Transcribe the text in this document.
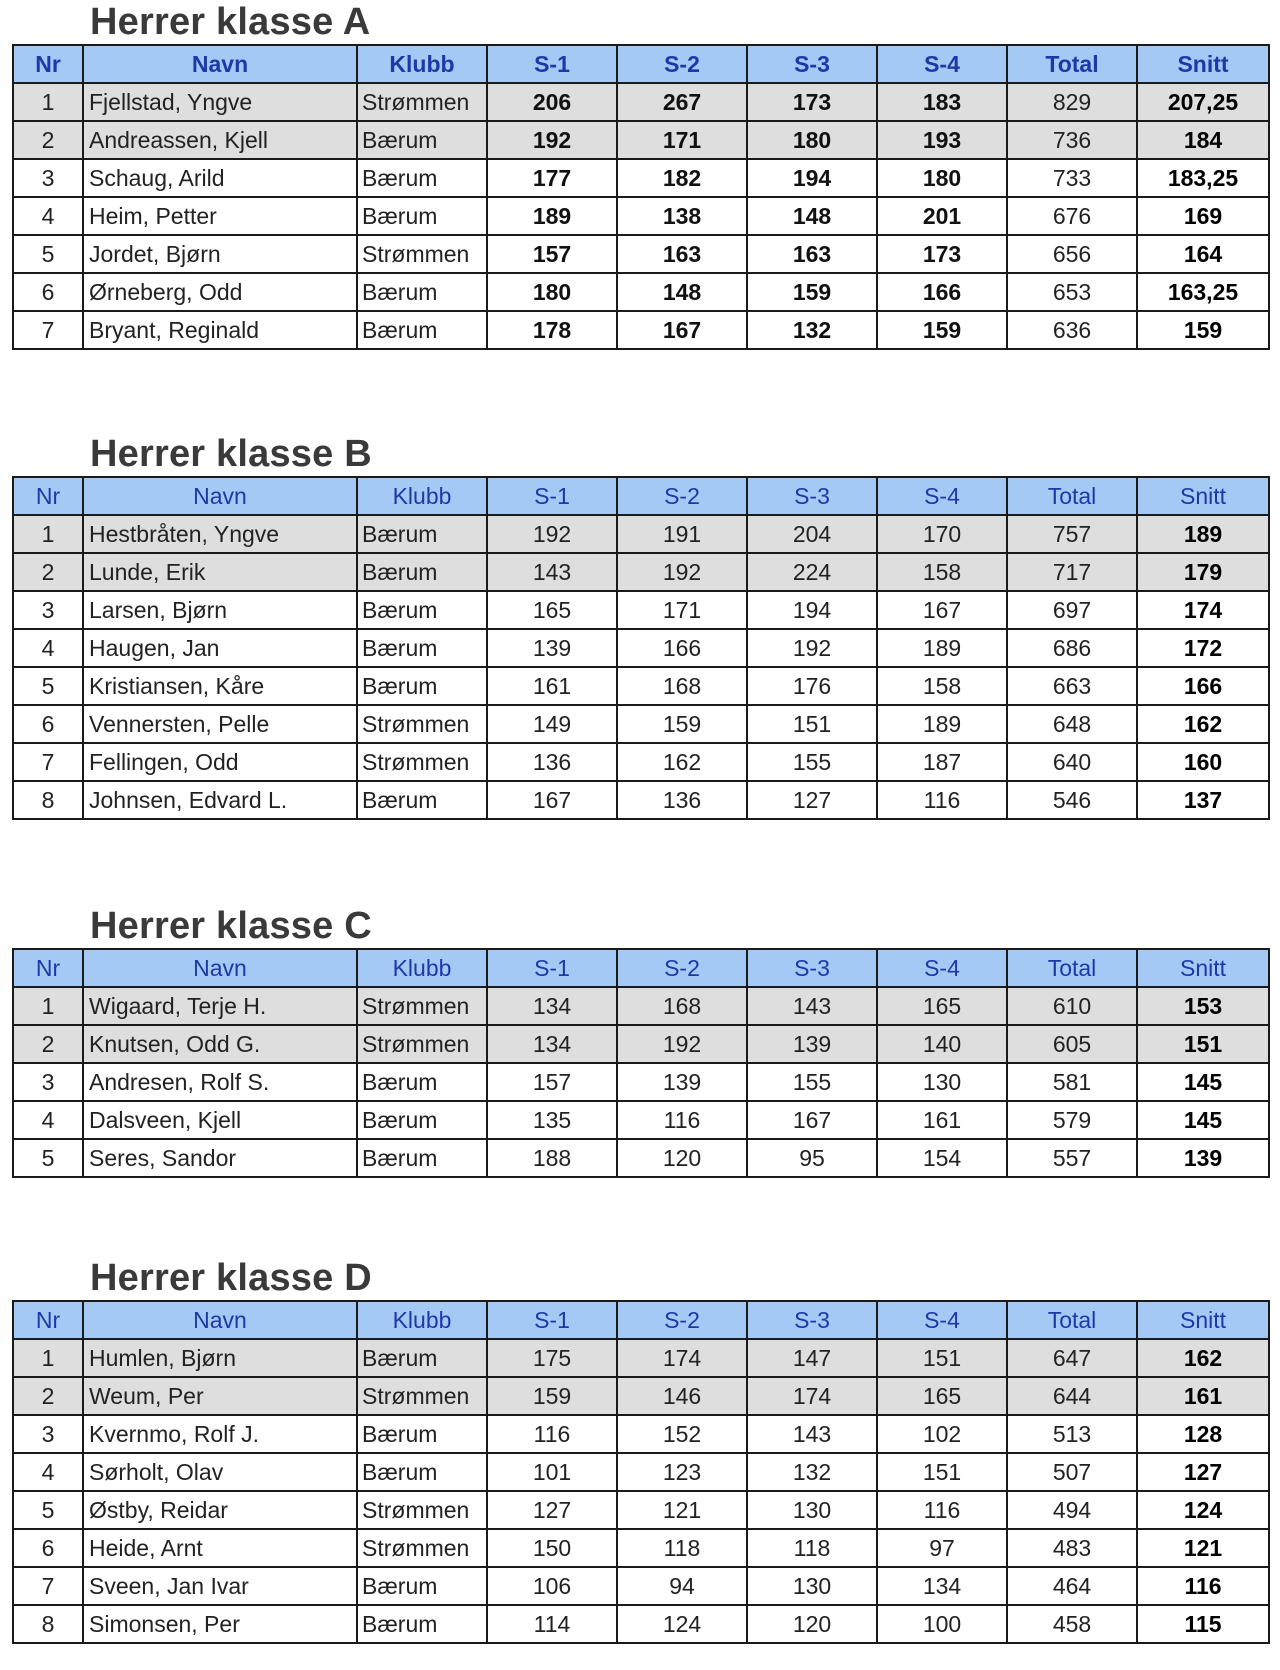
Herrer klasse A
Nr	Navn	Klubb	S-1	S-2	S-3	S-4	Total	Snitt
1	Fjellstad, Yngve	Strømmen	206	267	173	183	829	207,25
2	Andreassen, Kjell	Bærum	192	171	180	193	736	184
3	Schaug, Arild	Bærum	177	182	194	180	733	183,25
4	Heim, Petter	Bærum	189	138	148	201	676	169
5	Jordet, Bjørn	Strømmen	157	163	163	173	656	164
6	Ørneberg, Odd	Bærum	180	148	159	166	653	163,25
7	Bryant, Reginald	Bærum	178	167	132	159	636	159
Herrer klasse B
Nr	Navn	Klubb	S-1	S-2	S-3	S-4	Total	Snitt
1	Hestbråten, Yngve	Bærum	192	191	204	170	757	189
2	Lunde, Erik	Bærum	143	192	224	158	717	179
3	Larsen, Bjørn	Bærum	165	171	194	167	697	174
4	Haugen, Jan	Bærum	139	166	192	189	686	172
5	Kristiansen, Kåre	Bærum	161	168	176	158	663	166
6	Vennersten, Pelle	Strømmen	149	159	151	189	648	162
7	Fellingen, Odd	Strømmen	136	162	155	187	640	160
8	Johnsen, Edvard L.	Bærum	167	136	127	116	546	137
Herrer klasse C
Nr	Navn	Klubb	S-1	S-2	S-3	S-4	Total	Snitt
1	Wigaard, Terje H.	Strømmen	134	168	143	165	610	153
2	Knutsen, Odd G.	Strømmen	134	192	139	140	605	151
3	Andresen, Rolf S.	Bærum	157	139	155	130	581	145
4	Dalsveen, Kjell	Bærum	135	116	167	161	579	145
5	Seres, Sandor	Bærum	188	120	95	154	557	139
Herrer klasse D
Nr	Navn	Klubb	S-1	S-2	S-3	S-4	Total	Snitt
1	Humlen, Bjørn	Bærum	175	174	147	151	647	162
2	Weum, Per	Strømmen	159	146	174	165	644	161
3	Kvernmo, Rolf J.	Bærum	116	152	143	102	513	128
4	Sørholt, Olav	Bærum	101	123	132	151	507	127
5	Østby, Reidar	Strømmen	127	121	130	116	494	124
6	Heide, Arnt	Strømmen	150	118	118	97	483	121
7	Sveen, Jan Ivar	Bærum	106	94	130	134	464	116
8	Simonsen, Per	Bærum	114	124	120	100	458	115
